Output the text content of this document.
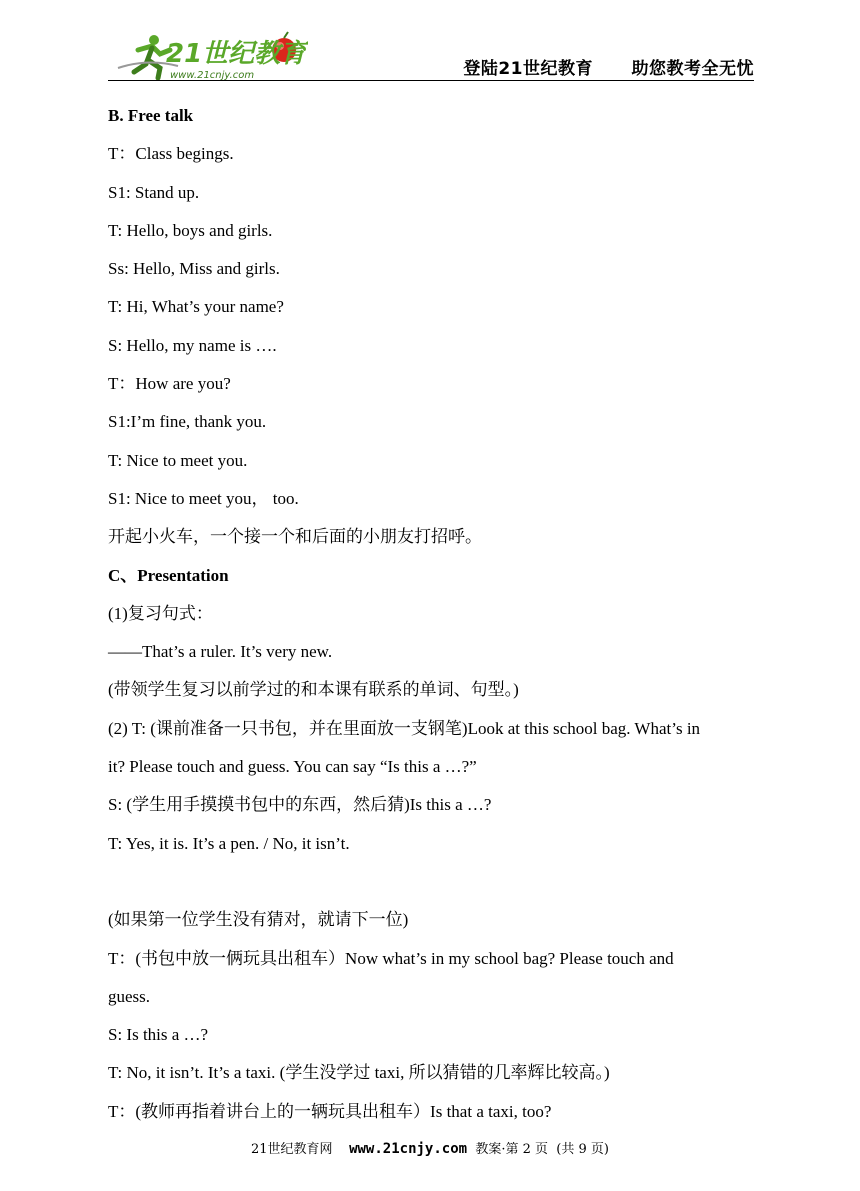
21世纪教育
www.21cnjy.com	登陆21世纪教育      助您教考全无忧
B. Free talk
T：Class begings.
S1: Stand up.
T: Hello, boys and girls.
Ss: Hello, Miss and girls.
T: Hi, What’s your name?
S: Hello, my name is ….
T：How are you?
S1:I’m fine, thank you.
T: Nice to meet you.
S1: Nice to meet you， too.
开起小火车，一个接一个和后面的小朋友打招呼。
C、Presentation
(1)复习句式：
——That’s a ruler. It’s very new.
(带领学生复习以前学过的和本课有联系的单词、句型。)
(2) T: (课前准备一只书包，并在里面放一支钢笔)Look at this school bag. What’s in
it? Please touch and guess. You can say “Is this a …?”
S: (学生用手摸摸书包中的东西，然后猜)Is this a …?
T: Yes, it is. It’s a pen. / No, it isn’t.
(如果第一位学生没有猜对，就请下一位)
T：(书包中放一俩玩具出租车）Now what’s in my school bag? Please touch and
guess.
S: Is this a …?
T: No, it isn’t. It’s a taxi. (学生没学过 taxi, 所以猜错的几率辉比较高。)
T：(教师再指着讲台上的一辆玩具出租车）Is that a taxi, too?
21世纪教育网 www.21cnjy.com 教案·第 2 页  (共 9 页)
